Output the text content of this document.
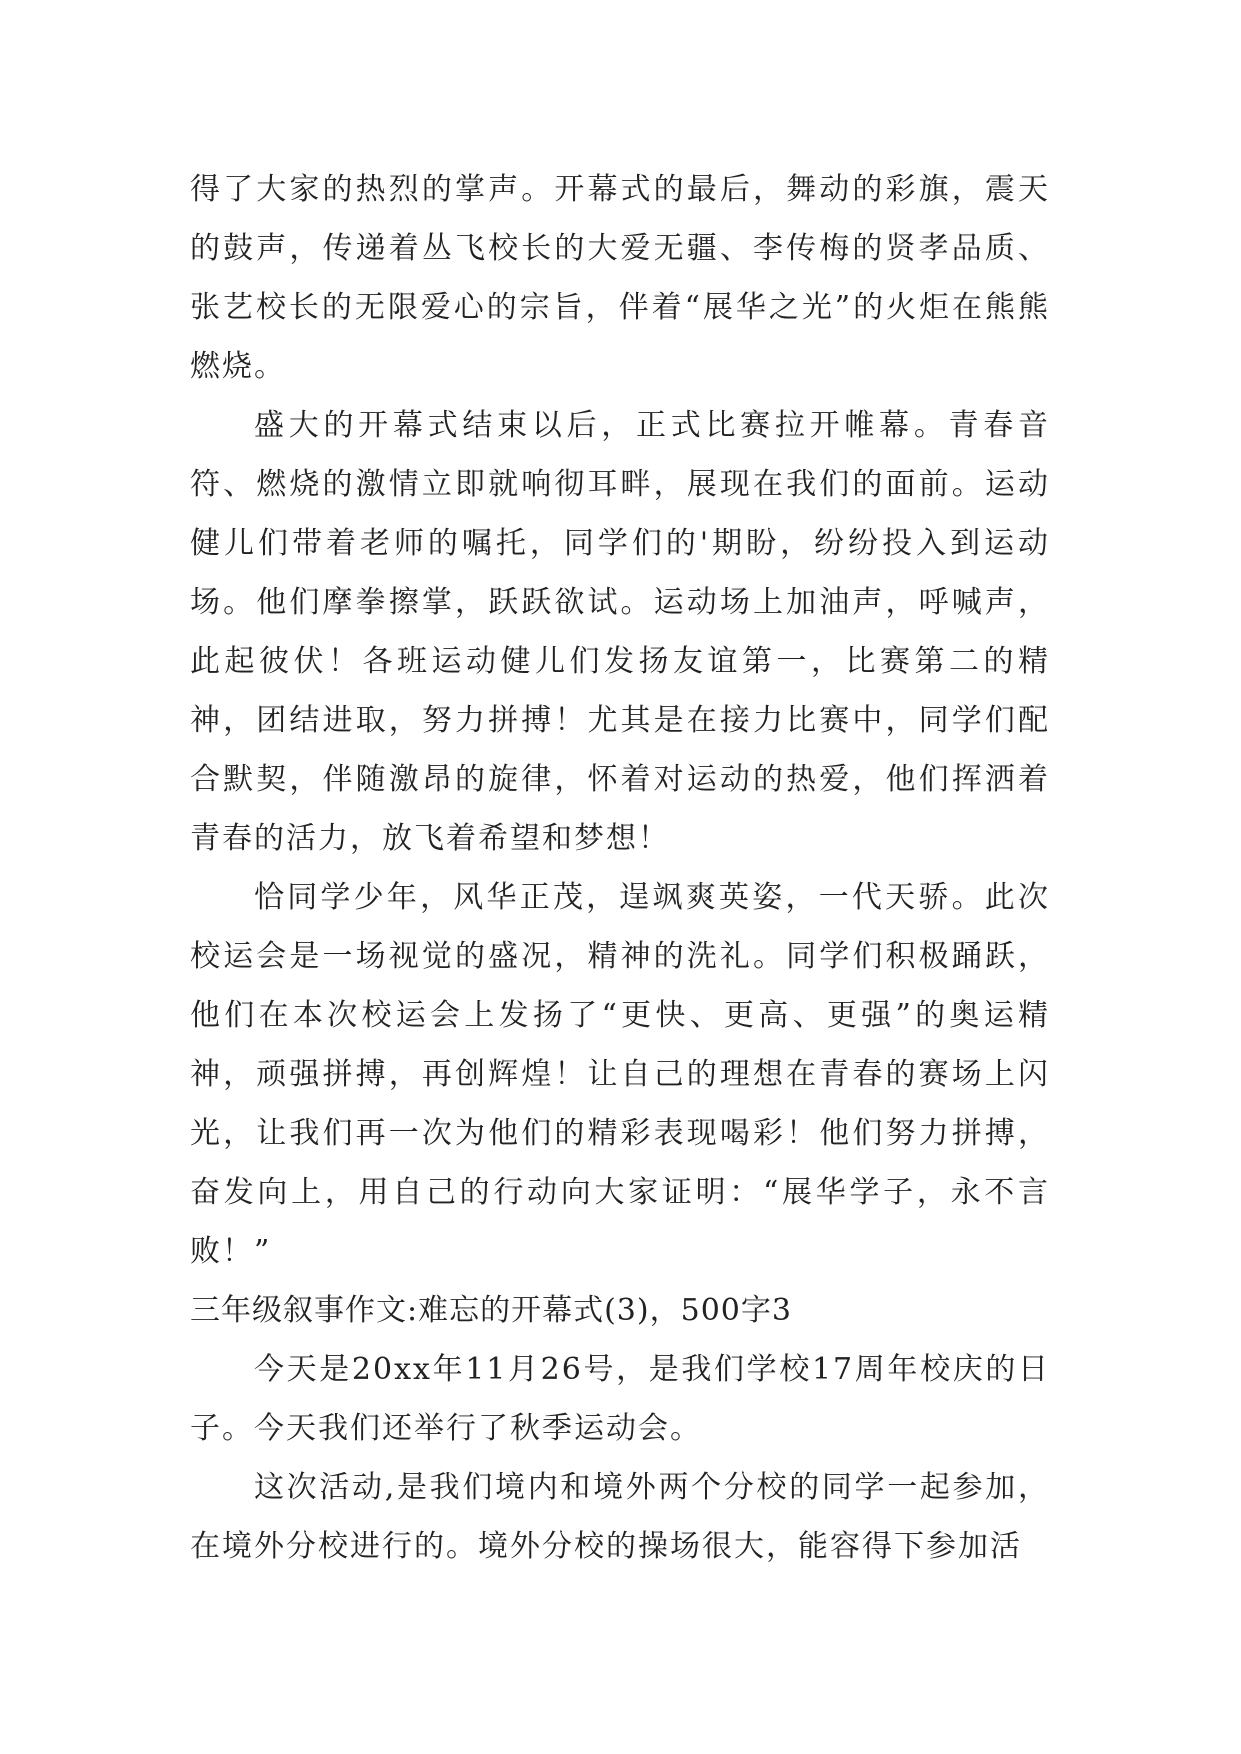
得了大家的热烈的掌声。开幕式的最后，舞动的彩旗，震天的鼓声，传递着丛飞校长的大爱无疆、李传梅的贤孝品质、张艺校长的无限爱心的宗旨，伴着“展华之光”的火炬在熊熊燃烧。

盛大的开幕式结束以后，正式比赛拉开帷幕。青春音符、燃烧的激情立即就响彻耳畔，展现在我们的面前。运动健儿们带着老师的嘱托，同学们的'期盼，纷纷投入到运动场。他们摩拳擦掌，跃跃欲试。运动场上加油声，呼喊声，此起彼伏！各班运动健儿们发扬友谊第一，比赛第二的精神，团结进取，努力拼搏！尤其是在接力比赛中，同学们配合默契，伴随激昂的旋律，怀着对运动的热爱，他们挥洒着青春的活力，放飞着希望和梦想！

恰同学少年，风华正茂，逞飒爽英姿，一代天骄。此次校运会是一场视觉的盛况，精神的洗礼。同学们积极踊跃，他们在本次校运会上发扬了“更快、更高、更强”的奥运精神，顽强拼搏，再创辉煌！让自己的理想在青春的赛场上闪光，让我们再一次为他们的精彩表现喝彩！他们努力拼搏，奋发向上，用自己的行动向大家证明：“展华学子，永不言败！”

三年级叙事作文:难忘的开幕式(3)，500字3

今天是20xx年11月26号，是我们学校17周年校庆的日子。今天我们还举行了秋季运动会。

这次活动,是我们境内和境外两个分校的同学一起参加，在境外分校进行的。境外分校的操场很大，能容得下参加活
